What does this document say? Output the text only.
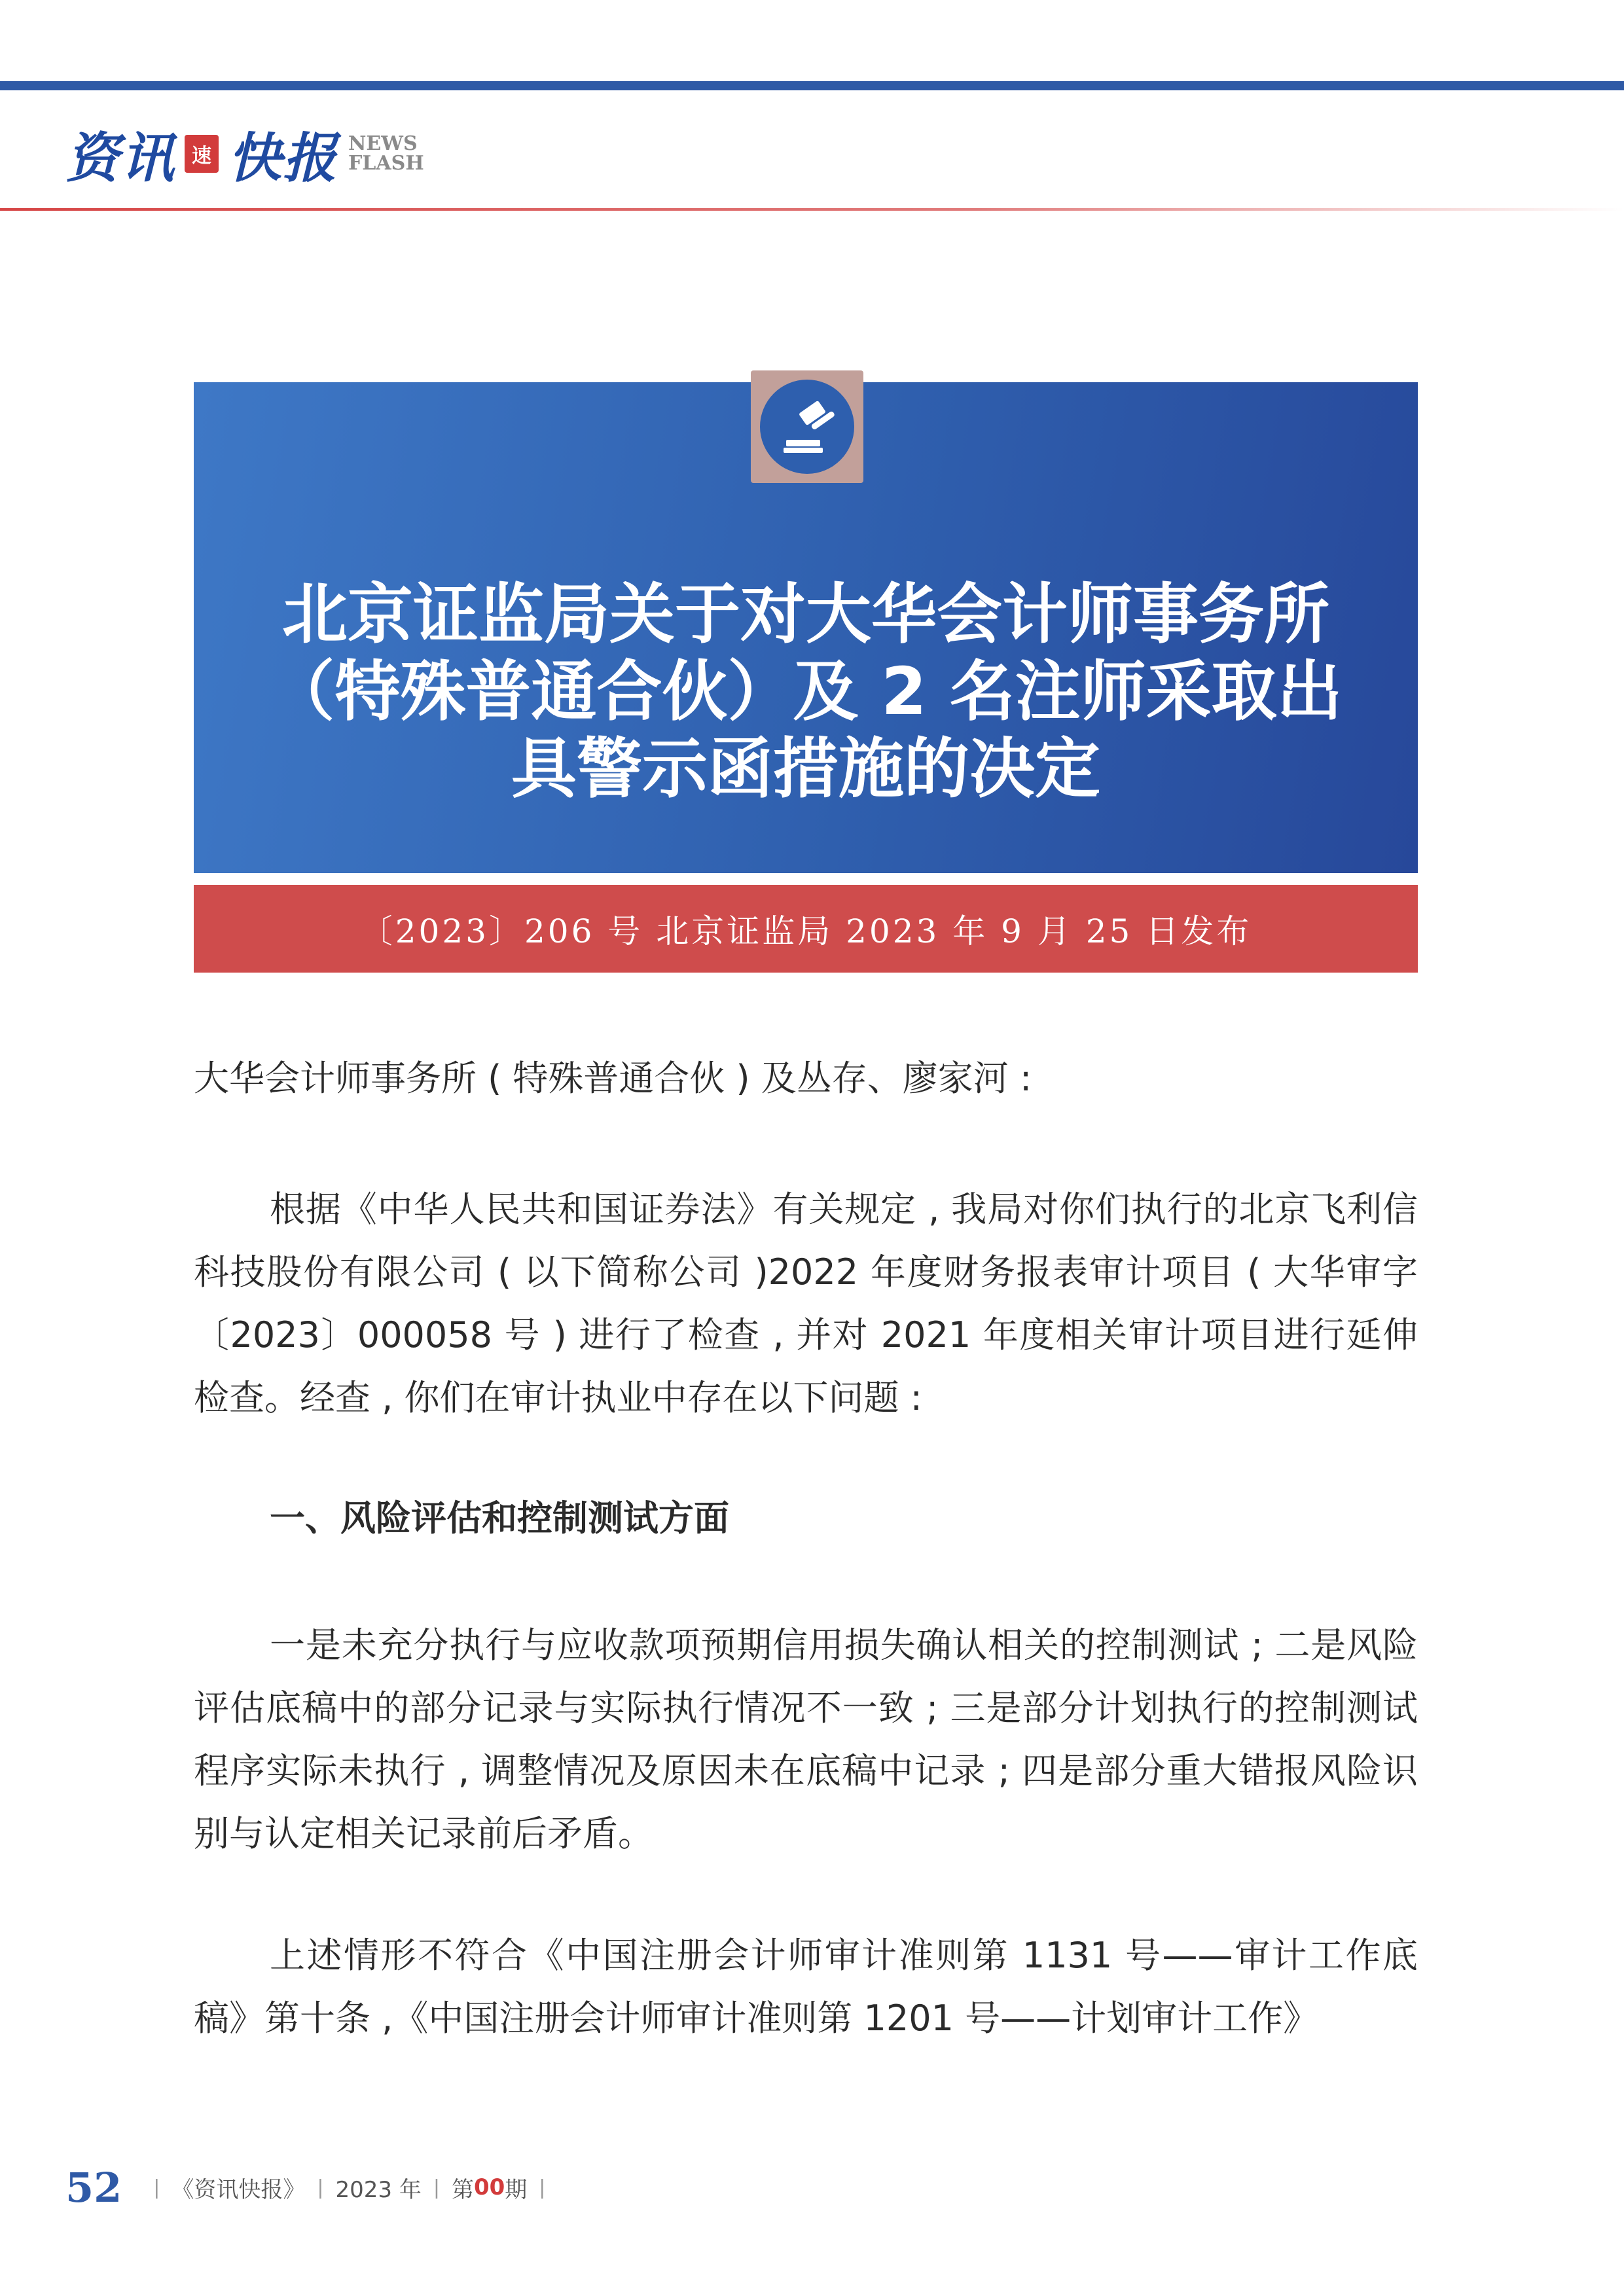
资讯 速 快报 NEWS
FLASH
北京证监局关于对大华会计师事务所
（特殊普通合伙）及 2 名注师采取出
具警示函措施的决定
〔2023〕206 号 北京证监局 2023 年 9 月 25 日发布

大华会计师事务所 ( 特殊普通合伙 ) 及丛存、廖家河 :

根据《中华人民共和国证券法》有关规定 , 我局对你们执行的北京飞利信科技股份有限公司 ( 以下简称公司 )2022 年度财务报表审计项目 ( 大华审字〔2023〕000058 号 ) 进行了检查 , 并对 2021 年度相关审计项目进行延伸检查。经查 , 你们在审计执业中存在以下问题 :

一、风险评估和控制测试方面

一是未充分执行与应收款项预期信用损失确认相关的控制测试 ; 二是风险评估底稿中的部分记录与实际执行情况不一致 ; 三是部分计划执行的控制测试程序实际未执行 , 调整情况及原因未在底稿中记录 ; 四是部分重大错报风险识别与认定相关记录前后矛盾。

上述情形不符合《中国注册会计师审计准则第 1131 号——审计工作底稿》第十条 ,《中国注册会计师审计准则第 1201 号——计划审计工作》

52 | 《资讯快报》 | 2023 年 | 第 00 期 |
